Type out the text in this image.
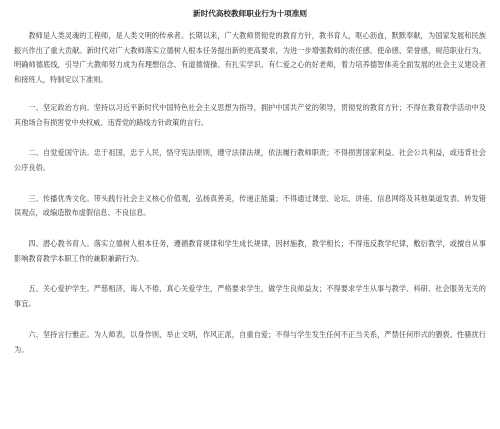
新时代高校教师职业行为十项准则

教师是人类灵魂的工程师，是人类文明的传承者。长期以来，广大教师贯彻党的教育方针，教书育人，呕心沥血，默默奉献，为国家发展和民族振兴作出了重大贡献。新时代对广大教师落实立德树人根本任务提出新的更高要求，为进一步增强教师的责任感、使命感、荣誉感，规范职业行为，明确师德底线，引导广大教师努力成为有理想信念、有道德情操、有扎实学识、有仁爱之心的好老师，着力培养德智体美全面发展的社会主义建设者和接班人，特制定以下准则。

一、坚定政治方向。坚持以习近平新时代中国特色社会主义思想为指导，拥护中国共产党的领导，贯彻党的教育方针；不得在教育教学活动中及其他场合有损害党中央权威、违背党的路线方针政策的言行。

二、自觉爱国守法。忠于祖国，忠于人民，恪守宪法原则，遵守法律法规，依法履行教师职责；不得损害国家利益、社会公共利益，或违背社会公序良俗。

三、传播优秀文化。带头践行社会主义核心价值观，弘扬真善美，传递正能量；不得通过课堂、论坛、讲座、信息网络及其他渠道发表、转发错误观点，或编造散布虚假信息、不良信息。

四、潜心教书育人。落实立德树人根本任务，遵循教育规律和学生成长规律，因材施教，教学相长；不得违反教学纪律，敷衍教学，或擅自从事影响教育教学本职工作的兼职兼薪行为。

五、关心爱护学生。严慈相济，诲人不倦，真心关爱学生，严格要求学生，做学生良师益友；不得要求学生从事与教学、科研、社会服务无关的事宜。

六、坚持言行雅正。为人师表，以身作则，举止文明，作风正派，自重自爱；不得与学生发生任何不正当关系，严禁任何形式的猥亵、性骚扰行为。
